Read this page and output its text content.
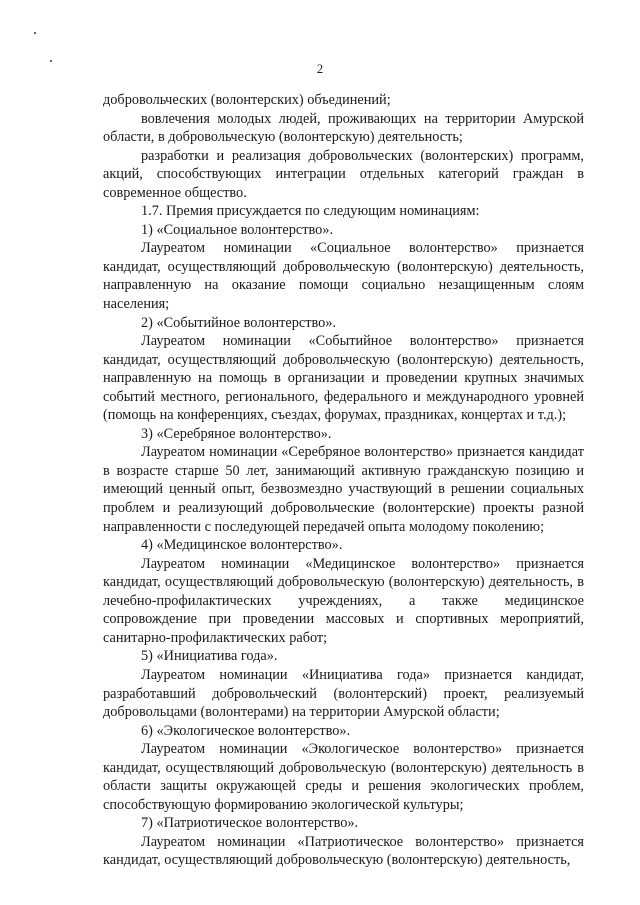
2

добровольческих (волонтерских) объединений;

вовлечения молодых людей, проживающих на территории Амурской области, в добровольческую (волонтерскую) деятельность;

разработки и реализация добровольческих (волонтерских) программ, акций, способствующих интеграции отдельных категорий граждан в современное общество.

1.7. Премия присуждается по следующим номинациям:

1) «Социальное волонтерство».

Лауреатом номинации «Социальное волонтерство» признается кандидат, осуществляющий добровольческую (волонтерскую) деятельность, направленную на оказание помощи социально незащищенным слоям населения;

2) «Событийное волонтерство».

Лауреатом номинации «Событийное волонтерство» признается кандидат, осуществляющий добровольческую (волонтерскую) деятельность, направленную на помощь в организации и проведении крупных значимых событий местного, регионального, федерального и международного уровней (помощь на конференциях, съездах, форумах, праздниках, концертах и т.д.);

3) «Серебряное волонтерство».

Лауреатом номинации «Серебряное волонтерство» признается кандидат в возрасте старше 50 лет, занимающий активную гражданскую позицию и имеющий ценный опыт, безвозмездно участвующий в решении социальных проблем и реализующий добровольческие (волонтерские) проекты разной направленности с последующей передачей опыта молодому поколению;

4) «Медицинское волонтерство».

Лауреатом номинации «Медицинское волонтерство» признается кандидат, осуществляющий добровольческую (волонтерскую) деятельность, в лечебно-профилактических учреждениях, а также медицинское сопровождение при проведении массовых и спортивных мероприятий, санитарно-профилактических работ;

5) «Инициатива года».

Лауреатом номинации «Инициатива года» признается кандидат, разработавший добровольческий (волонтерский) проект, реализуемый добровольцами (волонтерами) на территории Амурской области;

6) «Экологическое волонтерство».

Лауреатом номинации «Экологическое волонтерство» признается кандидат, осуществляющий добровольческую (волонтерскую) деятельность в области защиты окружающей среды и решения экологических проблем, способствующую формированию экологической культуры;

7) «Патриотическое волонтерство».

Лауреатом номинации «Патриотическое волонтерство» признается кандидат, осуществляющий добровольческую (волонтерскую) деятельность,
